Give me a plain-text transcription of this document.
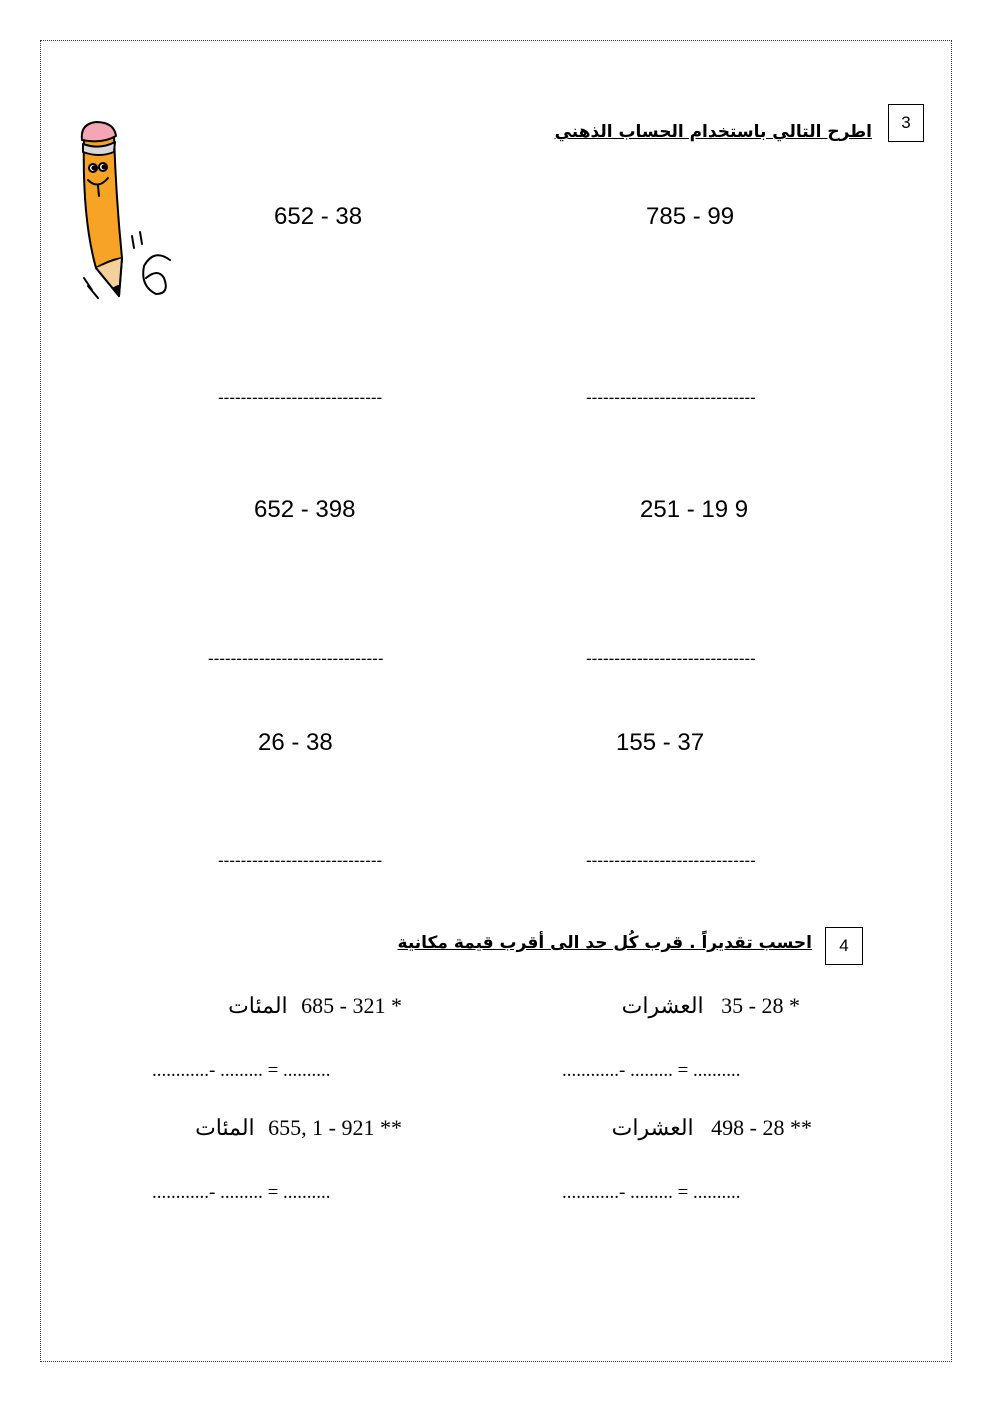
3
اطرح التالي باستخدام الحساب الذهني
785 - 99
------------------------------
652 - 38
-----------------------------
251 - 19 9
------------------------------
652 - 398
-------------------------------
155 - 37
------------------------------
26 - 38
-----------------------------
4
احسب تقديراً . قرب كُل حد الى أقرب قيمة مكانية
* 28 - 35 العشرات
............- ......... = ..........
** 28 - 498 العشرات
............- ......... = ..........
* 321 - 685 المئات
............- ......... = ..........
** 921 - 1 ,655 المئات
............- ......... = ..........
